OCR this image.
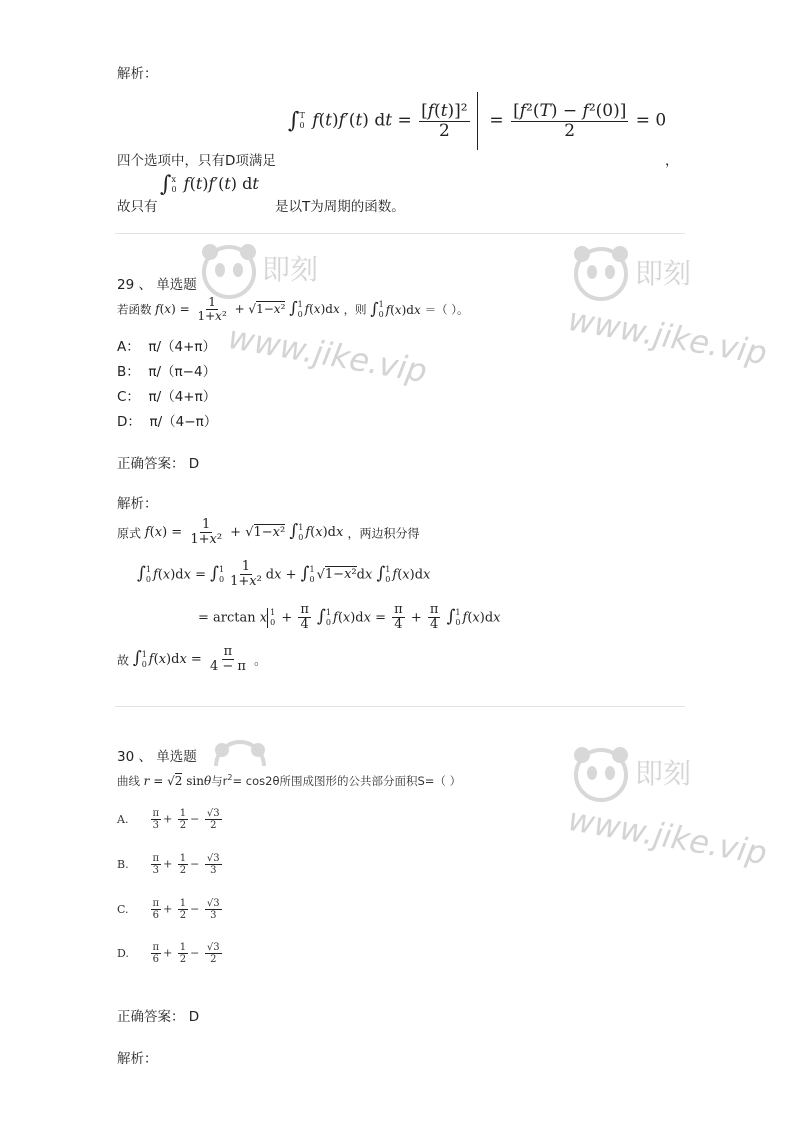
解析：
∫ T
0 f(t)f′(t) dt = $\frac{\text{[f(t)]²}}{2} = \frac{\text{[f²(T) − f²(0)]}}{2} = 0$
四个选项中，只有D项满足	，
故只有
∫ x
0 f(t)f′(t) dt
是以T为周期的函数。
29 、 单选题
若函数 $f(x) = \frac{1}{\text{1+x²}} + √1-x^2$ ∫ 1
0 f(x)dx ，则 ∫ 1
0 f(x)dx ＝（ ）。
A： π/（4+π）
B： π/（π−4）
C： π/（4+π）
D： π/（4−π）
正确答案： D
解析：
原式 $f(x) = \frac{1}{\text{1+x²}} + √1-x^2$ ∫ 1
0 f(x)dx ，两边积分得
∫ 1
0 f(x)dx = ∫ 1
$0 \frac{1}{\text{1+x²}}$ dx + ∫ 1
0 √1−x²dx ∫ 1
0 f(x)dx
= arctan x 1
$0 + \frac{\pi}{4}$ ∫ 1
0 $f(x)dx = \frac{\pi}{4} + \frac{\pi}{4}$ ∫ 1
0 f(x)dx
故 ∫ 1
0 $f(x)dx = \frac{\pi}{4 - \pi}$ 。
30 、 单选题
曲线 r = √2 sinθ与$r^2= \cos 2\theta$所围成图形的公共部分面积S=（ ）
A. $\frac{\pi}{3} + \frac{1}{2} - \frac{√3}{2}$
B. $\frac{\pi}{3} + \frac{1}{2} - \frac{√3}{3}$
C. $\frac{\pi}{6} + \frac{1}{2} - \frac{√3}{3}$
D. $\frac{\pi}{6} + \frac{1}{2} - \frac{√3}{2}$
正确答案： D
解析：
即刻
www.jike.vip
即刻
www.jike.vip
即刻
www.jike.vip
